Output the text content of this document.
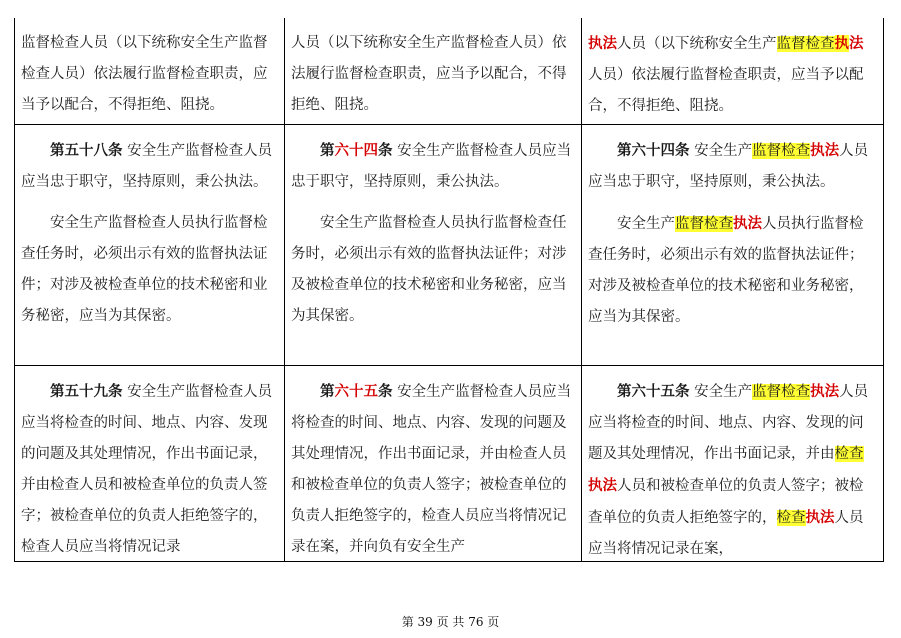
监督检查人员（以下统称安全生产监督检查人员）依法履行监督检查职责，应当予以配合，不得拒绝、阻挠。

人员（以下统称安全生产监督检查人员）依法履行监督检查职责，应当予以配合，不得拒绝、阻挠。

执法人员（以下统称安全生产监督检查执法人员）依法履行监督检查职责，应当予以配合，不得拒绝、阻挠。

第五十八条 安全生产监督检查人员应当忠于职守，坚持原则，秉公执法。

安全生产监督检查人员执行监督检查任务时，必须出示有效的监督执法证件；对涉及被检查单位的技术秘密和业务秘密，应当为其保密。

第六十四条 安全生产监督检查人员应当忠于职守，坚持原则，秉公执法。

安全生产监督检查人员执行监督检查任务时，必须出示有效的监督执法证件；对涉及被检查单位的技术秘密和业务秘密，应当为其保密。

第六十四条 安全生产监督检查执法人员应当忠于职守，坚持原则，秉公执法。

安全生产监督检查执法人员执行监督检查任务时，必须出示有效的监督执法证件；对涉及被检查单位的技术秘密和业务秘密，应当为其保密。

第五十九条 安全生产监督检查人员应当将检查的时间、地点、内容、发现的问题及其处理情况，作出书面记录，并由检查人员和被检查单位的负责人签字；被检查单位的负责人拒绝签字的，检查人员应当将情况记录

第六十五条 安全生产监督检查人员应当将检查的时间、地点、内容、发现的问题及其处理情况，作出书面记录，并由检查人员和被检查单位的负责人签字；被检查单位的负责人拒绝签字的，检查人员应当将情况记录在案，并向负有安全生产

第六十五条 安全生产监督检查执法人员应当将检查的时间、地点、内容、发现的问题及其处理情况，作出书面记录，并由检查执法人员和被检查单位的负责人签字；被检查单位的负责人拒绝签字的，检查执法人员应当将情况记录在案，

第 39 页 共 76 页
